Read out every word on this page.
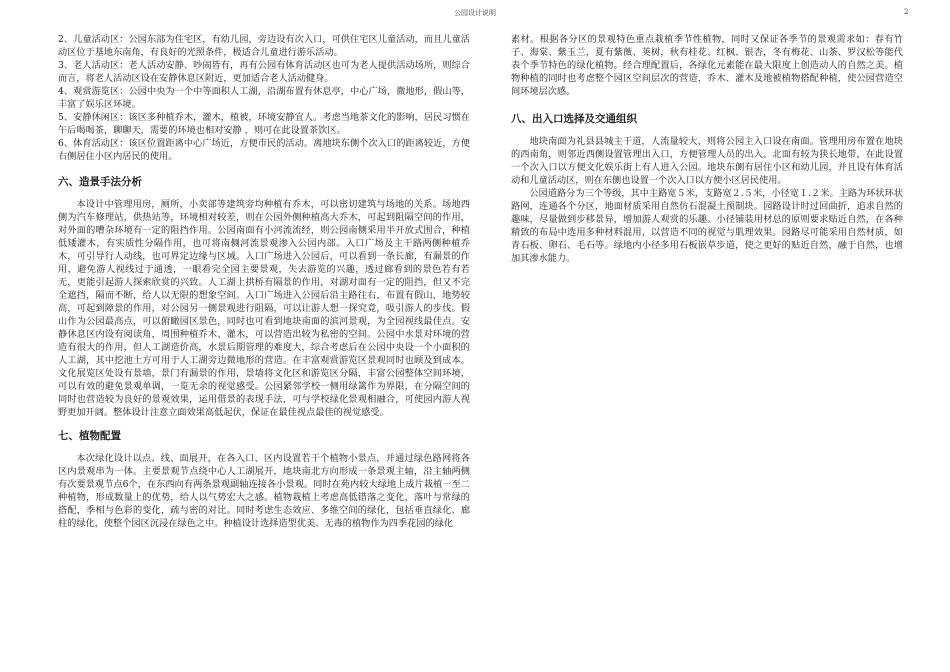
公园设计说明	2

2、儿童活动区：公园东部为住宅区，有幼儿园，旁边设有次入口，可供住宅区儿童活动，而且儿童活动区位于基地东南角，有良好的光照条件，极适合儿童进行游乐活动。

3、老人活动区：老人活动安静、吵闹皆有，再有公园有体育活动区也可为老人提供活动场所，则综合而言，将老人活动区设在安静休息区附近，更加适合老人活动健身。

4、观赏游览区：公园中央为一个中等面积人工湖，沿湖布置有休息亭，中心广场，微地形，假山等，丰富了娱乐区环境。

5、安静休闲区：该区多种植乔木，灌木，植被，环境安静宜人。考虑当地茶文化的影响，居民习惯在午后喝喝茶，聊聊天，需要的环境也相对安静 ，则可在此设置茶饮区。

6、体育活动区：该区位置距离中心广场近，方便市民的活动。离地块东侧个次入口的距离较近，方便右侧居住小区内居民的使用。

六、造景手法分析

本设计中管理用房，厕所，小卖部等建筑旁均种植有乔木，可以密切建筑与场地的关系。场地西侧为汽车修理站，供热站等，环境相对较差，则在公园外侧种植高大乔木，可起到阻隔空间的作用，对外面的嘈杂环境有一定的阻挡作用。公园南面有小河流流经，则公园南侧采用半开放式围合，种植低矮灌木，有实质性分隔作用，也可将南侧河流景观渗入公园内部。入口广场及主干路两侧种植乔木，可引导行人动线，也可界定边缘与区域。入口广场进入公园后，可以看到一条长廊，有漏景的作用，避免游人视线过于通透，一眼看完全园主要景观，失去游览的兴趣，透过廊看到的景色若有若无，更能引起游人探索欣赏的兴致。人工湖上拱桥有隔景的作用，对湖对面有一定的阻挡，但又不完全遮挡，隔而不断，给人以无限的想象空间。入口广场进入公园后沿主路往右，布置有假山，地势较高，可起到障景的作用，对公园另一侧景观进行阻隔，可以让游人想一探究竟，吸引游人的步伐。假山作为公园最高点，可以俯瞰园区景色，同时也可看到地块南面的滨河景观，为全园视线最佳点。安静休息区内设有阅读角，周围种植乔木、灌木，可以营造出较为私密的空间。公园中水景对环境的营造有很大的作用，但人工湖造价高，水景后期管理的难度大，综合考虑后在公园中央设一个小面积的人工湖，其中挖池土方可用于人工湖旁边微地形的营造。在丰富观赏游览区景观同时也顾及到成本。文化展览区处设有景墙，景门有漏景的作用，景墙将文化区和游览区分隔，丰富公园整体空间环境，可以有效的避免景观单调，一览无余的视觉感受。公园紧邻学校一侧用绿篱作为界限，在分隔空间的同时也营造较为良好的景观效果，运用借景的表现手法，可与学校绿化景观相融合，可使园内游人视野更加开阔。整体设计注意立面效果高低起伏，保证在最佳视点最佳的视觉感受。

七、植物配置

本次绿化设计以点、线、面展开，在各入口、区内设置若干个植物小景点，并通过绿色路网将各区内景观串为一体。主要景观节点绕中心人工湖展开，地块南北方向形成一条景观主轴，沿主轴两侧有次要景观节点6个，在东西向有两条景观副轴连接各小景观。同时在苑内较大绿地上成片栽植一至二种植物，形成数量上的优势，给人以气势宏大之感。植物栽植上考虑高低错落之变化，落叶与常绿的搭配，季相与色彩的变化，疏与密的对比。同时考虑生态效应、多维空间的绿化，包括垂直绿化、廊柱的绿化，使整个园区沉浸在绿色之中。种植设计选择造型优美、无毒的植物作为四季花园的绿化

素材。根据各分区的景观特色重点栽植季节性植物，同时又保证各季节的景观需求如：春有竹子、海棠、紫玉兰，夏有紫薇、荚树，秋有桂花、红枫、银杏，冬有梅花、山茶、罗汉松等能代表个季节特色的绿化植物。经合理配置后，各绿化元素能在最大限度上创造动人的自然之美。植物种植的同时也考虑整个园区空间层次的营造，乔木、灌木及地被植物搭配种植，使公园营造空间环境层次感。

八、出入口选择及交通组织

地块南面为礼县县城主干道，人流量较大，则将公园主入口设在南面。管理用房布置在地块的西南角，则邻近西侧设置管理出入口，方便管理人员的出入。北面有较为狭长地带，在此设置一个次入口以方便文化娱乐街上有人进入公园。地块东侧有居住小区和幼儿园，并且设有体育活动和儿童活动区，则在东侧也设置一个次入口以方便小区居民使用。

公园道路分为三个等级，其中主路宽５米，支路宽２.５米，小径宽１.２米。主路为环状环状路网，连通各个分区，地面材质采用自然仿石混凝土预制块。园路设计时过回曲折，追求自然的趣味，尽量做到步移景异，增加游人观赏的乐趣。小径铺装用材总的原则要求贴近自然，在各种精致的布局中选用多种材料混用，以营造不同的视觉与肌理效果。园路尽可能采用自然材质，如青石板、卵石、毛石等。绿地内小径多用石板嵌草步道，使之更好的贴近自然，融于自然，也增加其渗水能力。
